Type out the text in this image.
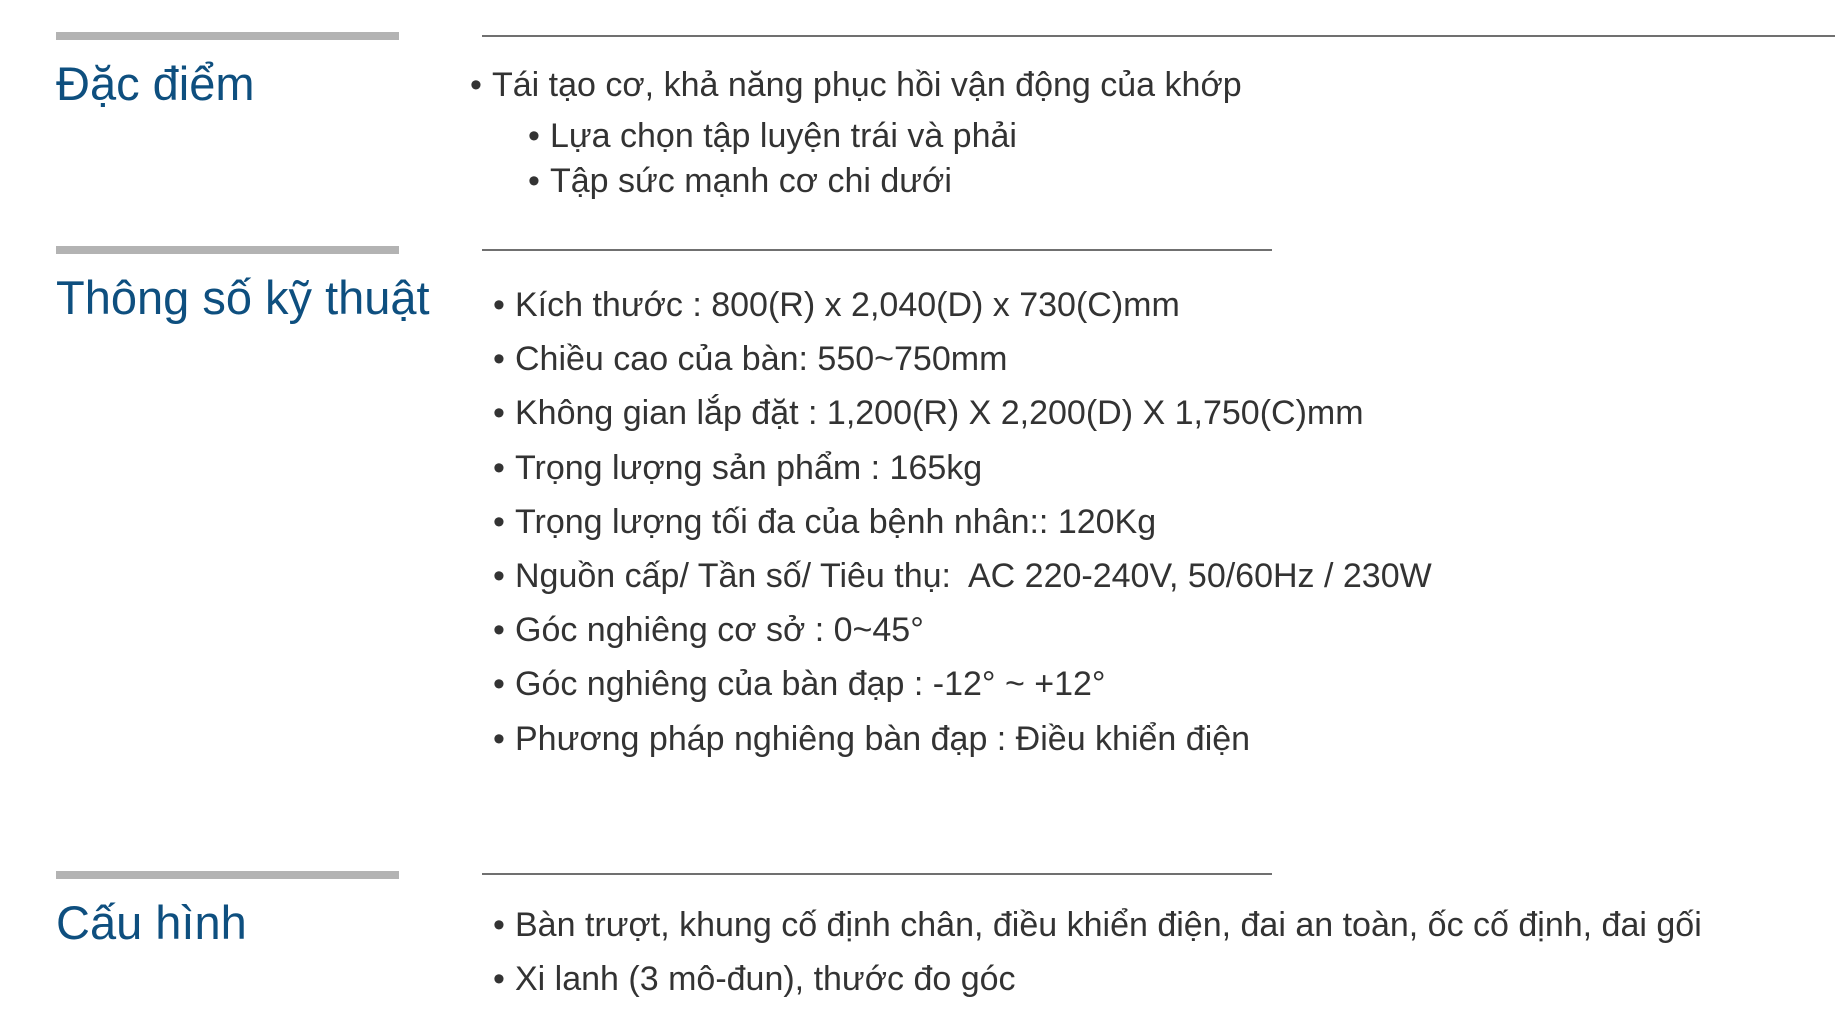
Đặc điểm	• Tái tạo cơ, khả năng phục hồi vận động của khớp
• Lựa chọn tập luyện trái và phải
• Tập sức mạnh cơ chi dưới
Thông số kỹ thuật • Kích thước : 800(R) x 2,040(D) x 730(C)mm
• Chiều cao của bàn: 550~750mm
• Không gian lắp đặt : 1,200(R) X 2,200(D) X 1,750(C)mm
• Trọng lượng sản phẩm : 165kg
• Trọng lượng tối đa của bệnh nhân:: 120Kg
• Nguồn cấp/ Tần số/ Tiêu thụ:  AC 220-240V, 50/60Hz / 230W
• Góc nghiêng cơ sở : 0~45°
• Góc nghiêng của bàn đạp : -12° ~ +12°
• Phương pháp nghiêng bàn đạp : Điều khiển điện
Cấu hình	• Bàn trượt, khung cố định chân, điều khiển điện, đai an toàn, ốc cố định, đai gối
• Xi lanh (3 mô-đun), thước đo góc
